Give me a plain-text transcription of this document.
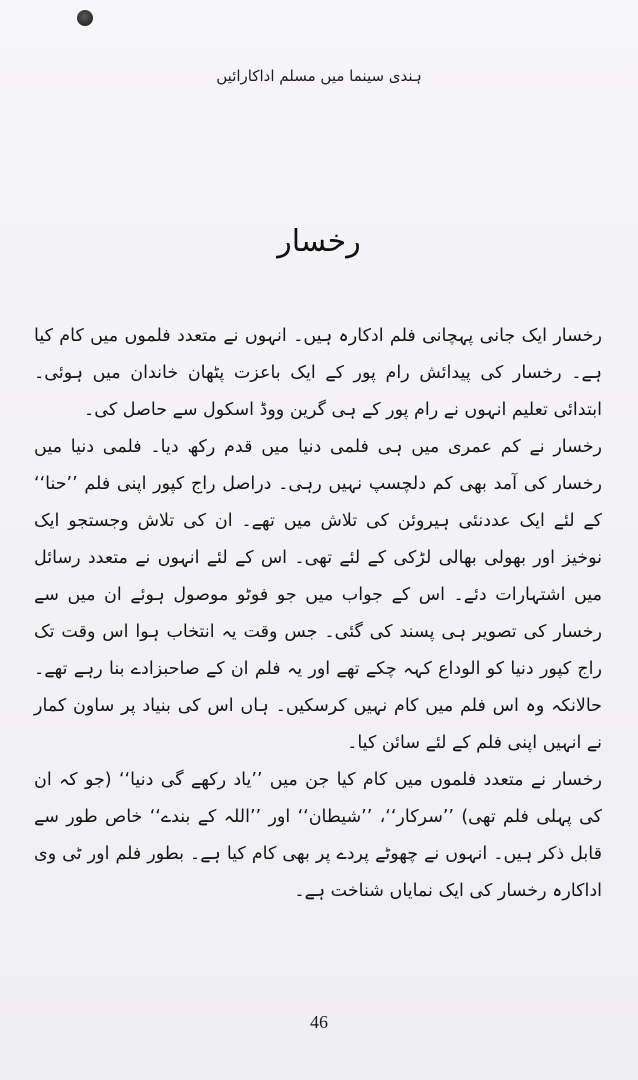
ہندی سینما میں مسلم اداکارائیں
رخسار

رخسار ایک جانی پہچانی فلم ادکارہ ہیں۔ انہوں نے متعدد فلموں میں کام کیا ہے۔ رخسار کی پیدائش رام پور کے ایک باعزت پٹھان خاندان میں ہوئی۔ ابتدائی تعلیم انہوں نے رام پور کے ہی گرین ووڈ اسکول سے حاصل کی۔

رخسار نے کم عمری میں ہی فلمی دنیا میں قدم رکھ دیا۔ فلمی دنیا میں رخسار کی آمد بھی کم دلچسپ نہیں رہی۔ دراصل راج کپور اپنی فلم ’’حنا‘‘ کے لئے ایک عددنئی ہیروئن کی تلاش میں تھے۔ ان کی تلاش وجستجو ایک نوخیز اور بھولی بھالی لڑکی کے لئے تھی۔ اس کے لئے انہوں نے متعدد رسائل میں اشتہارات دئے۔ اس کے جواب میں جو فوٹو موصول ہوئے ان میں سے رخسار کی تصویر ہی پسند کی گئی۔ جس وقت یہ انتخاب ہوا اس وقت تک راج کپور دنیا کو الوداع کہہ چکے تھے اور یہ فلم ان کے صاحبزادے بنا رہے تھے۔ حالانکہ وہ اس فلم میں کام نہیں کرسکیں۔ ہاں اس کی بنیاد پر ساون کمار نے انہیں اپنی فلم کے لئے سائن کیا۔

رخسار نے متعدد فلموں میں کام کیا جن میں ’’یاد رکھے گی دنیا‘‘ (جو کہ ان کی پہلی فلم تھی) ’’سرکار‘‘، ’’شیطان‘‘ اور ’’اللہ کے بندے‘‘ خاص طور سے قابل ذکر ہیں۔ انہوں نے چھوٹے پردے پر بھی کام کیا ہے۔ بطور فلم اور ٹی وی اداکارہ رخسار کی ایک نمایاں شناخت ہے۔

46
